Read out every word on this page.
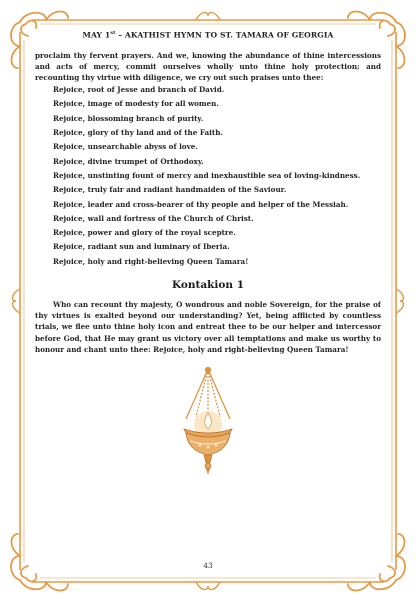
MAY 1st – AKATHIST HYMN TO ST. TAMARA OF GEORGIA

proclaim thy fervent prayers. And we, knowing the abundance of thine intercessions and acts of mercy, commit ourselves wholly unto thine holy protection; and recounting thy virtue with diligence, we cry out such praises unto thee:

Rejoice, root of Jesse and branch of David.
Rejoice, image of modesty for all women.
Rejoice, blossoming branch of purity.
Rejoice, glory of thy land and of the Faith.
Rejoice, unsearchable abyss of love.
Rejoice, divine trumpet of Orthodoxy.
Rejoice, unstinting fount of mercy and inexhaustible sea of loving-kindness.
Rejoice, truly fair and radiant handmaiden of the Saviour.
Rejoice, leader and cross-bearer of thy people and helper of the Messiah.
Rejoice, wall and fortress of the Church of Christ.
Rejoice, power and glory of the royal sceptre.
Rejoice, radiant sun and luminary of Iberia.
Rejoice, holy and right-believing Queen Tamara!
Kontakion 1

Who can recount thy majesty, O wondrous and noble Sovereign, for the praise of thy virtues is exalted beyond our understanding? Yet, being afflicted by countless trials, we flee unto thine holy icon and entreat thee to be our helper and intercessor before God, that He may grant us victory over all temptations and make us worthy to honour and chant unto thee: Rejoice, holy and right-believing Queen Tamara!

43
